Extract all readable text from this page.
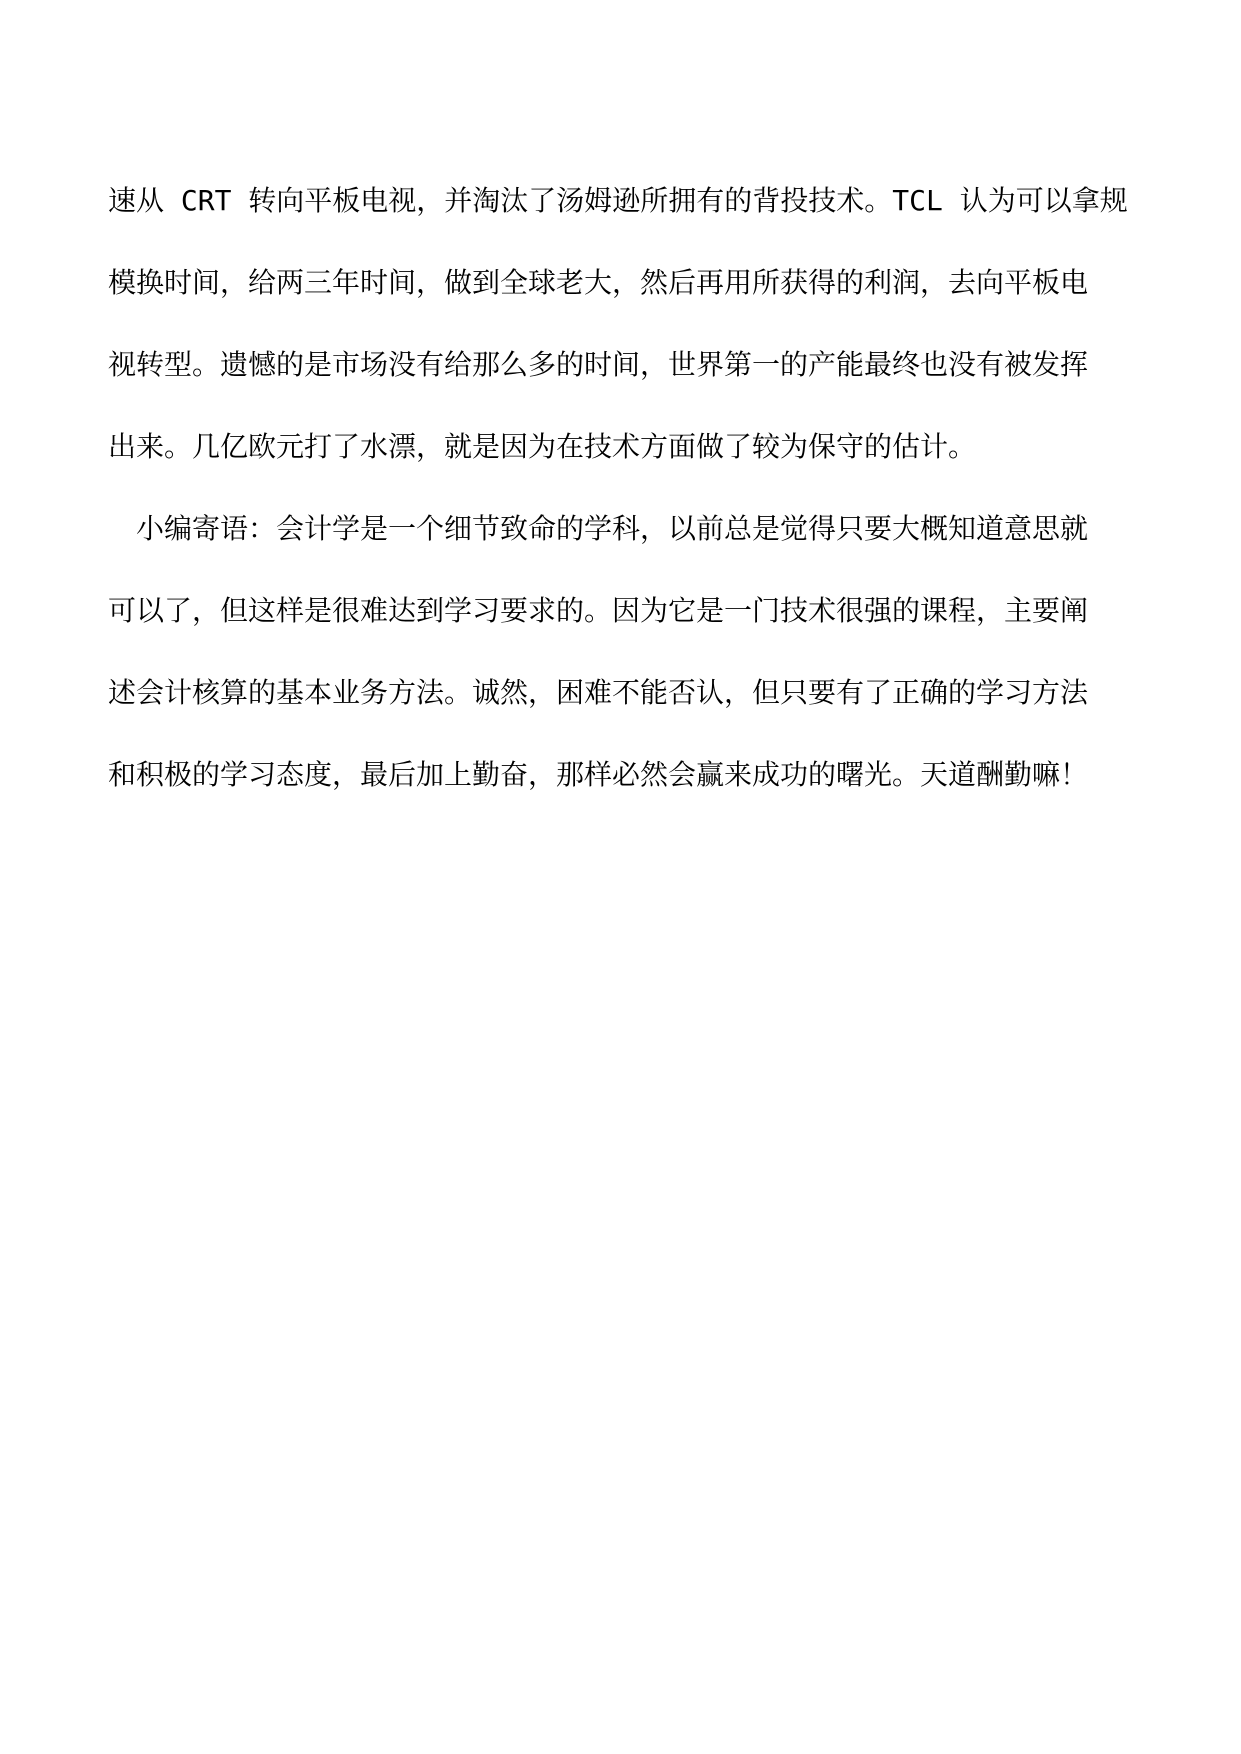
速从 CRT 转向平板电视，并淘汰了汤姆逊所拥有的背投技术。TCL 认为可以拿规
模换时间，给两三年时间，做到全球老大，然后再用所获得的利润，去向平板电
视转型。遗憾的是市场没有给那么多的时间，世界第一的产能最终也没有被发挥
出来。几亿欧元打了水漂，就是因为在技术方面做了较为保守的估计。
小编寄语：会计学是一个细节致命的学科，以前总是觉得只要大概知道意思就
可以了，但这样是很难达到学习要求的。因为它是一门技术很强的课程，主要阐
述会计核算的基本业务方法。诚然，困难不能否认，但只要有了正确的学习方法
和积极的学习态度，最后加上勤奋，那样必然会赢来成功的曙光。天道酬勤嘛！
